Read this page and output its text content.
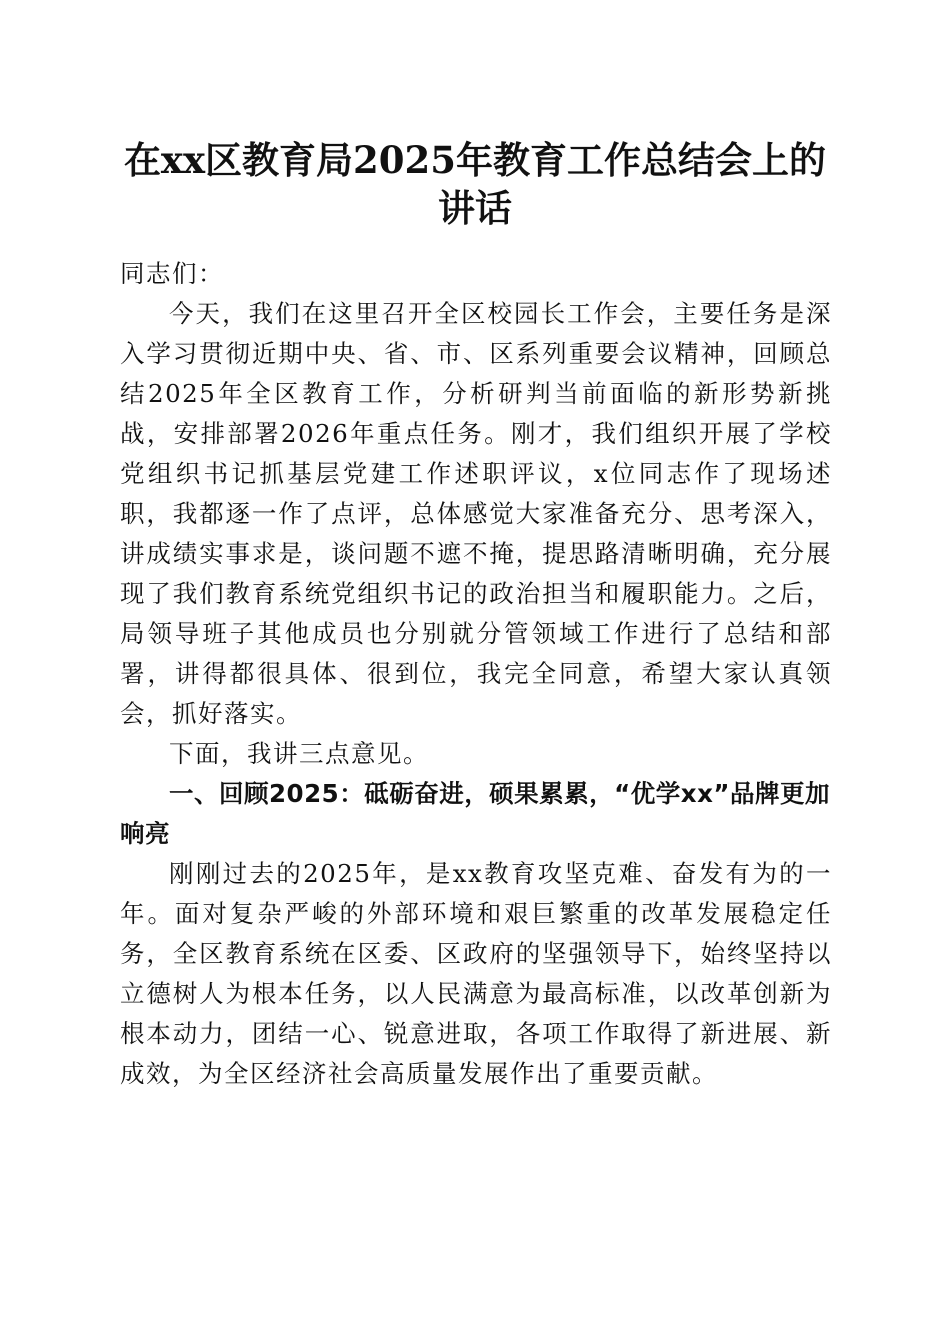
在xx区教育局2025年教育工作总结会上的讲话

同志们：

今天，我们在这里召开全区校园长工作会，主要任务是深入学习贯彻近期中央、省、市、区系列重要会议精神，回顾总结2025年全区教育工作，分析研判当前面临的新形势新挑战，安排部署2026年重点任务。刚才，我们组织开展了学校党组织书记抓基层党建工作述职评议，x位同志作了现场述职，我都逐一作了点评，总体感觉大家准备充分、思考深入，讲成绩实事求是，谈问题不遮不掩，提思路清晰明确，充分展现了我们教育系统党组织书记的政治担当和履职能力。之后，局领导班子其他成员也分别就分管领域工作进行了总结和部署，讲得都很具体、很到位，我完全同意，希望大家认真领会，抓好落实。

下面，我讲三点意见。

一、回顾2025：砥砺奋进，硕果累累，“优学xx”品牌更加响亮

刚刚过去的2025年，是xx教育攻坚克难、奋发有为的一年。面对复杂严峻的外部环境和艰巨繁重的改革发展稳定任务，全区教育系统在区委、区政府的坚强领导下，始终坚持以立德树人为根本任务，以人民满意为最高标准，以改革创新为根本动力，团结一心、锐意进取，各项工作取得了新进展、新成效，为全区经济社会高质量发展作出了重要贡献。
